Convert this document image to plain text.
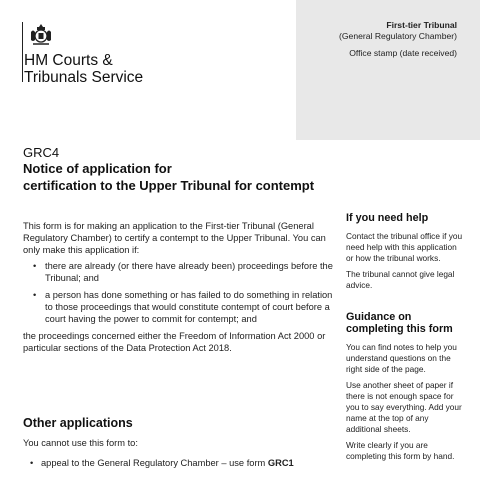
HM Courts &
Tribunals Service
First-tier Tribunal
(General Regulatory Chamber)
Office stamp (date received)
GRC4
Notice of application for
certification to the Upper Tribunal for contempt

This form is for making an application to the First-tier Tribunal (General Regulatory Chamber) to certify a contempt to the Upper Tribunal. You can only make this application if:

• there are already (or there have already been) proceedings before the Tribunal; and
• a person has done something or has failed to do something in relation to those proceedings that would constitute contempt of court before a court having the power to commit for contempt; and

the proceedings concerned either the Freedom of Information Act 2000 or particular sections of the Data Protection Act 2018.

Other applications

You cannot use this form to:

• appeal to the General Regulatory Chamber – use form GRC1
If you need help

Contact the tribunal office if you need help with this application or how the tribunal works.

The tribunal cannot give legal advice.

Guidance on completing this form

You can find notes to help you understand questions on the right side of the page.

Use another sheet of paper if there is not enough space for you to say everything. Add your name at the top of any additional sheets.

Write clearly if you are completing this form by hand.
